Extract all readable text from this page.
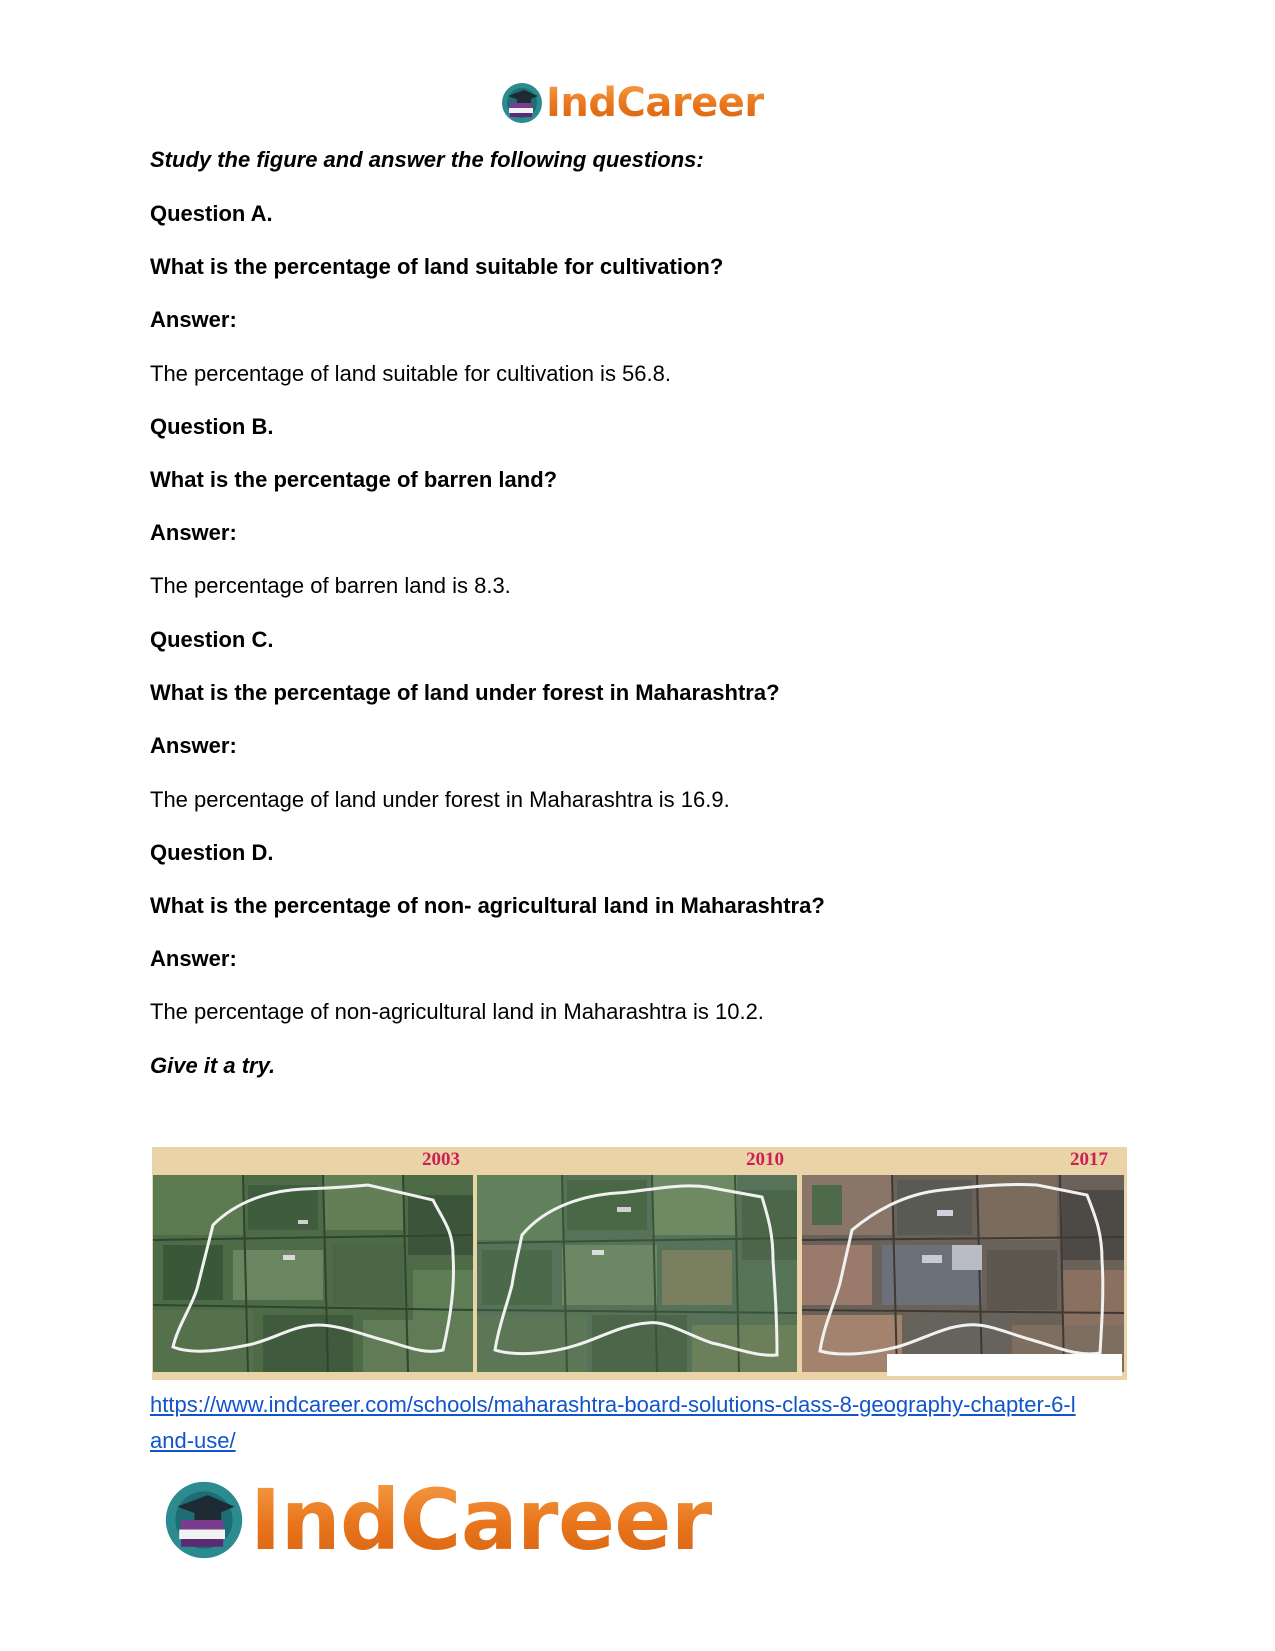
IndCareer
Study the figure and answer the following questions:
Question A.
What is the percentage of land suitable for cultivation?
Answer:
The percentage of land suitable for cultivation is 56.8.
Question B.
What is the percentage of barren land?
Answer:
The percentage of barren land is 8.3.
Question C.
What is the percentage of land under forest in Maharashtra?
Answer:
The percentage of land under forest in Maharashtra is 16.9.
Question D.
What is the percentage of non- agricultural land in Maharashtra?
Answer:
The percentage of non-agricultural land in Maharashtra is 10.2.
Give it a try.
2003	2010	2017
https://www.indcareer.com/schools/maharashtra-board-solutions-class-8-geography-chapter-6-l
and-use/
IndCareer
